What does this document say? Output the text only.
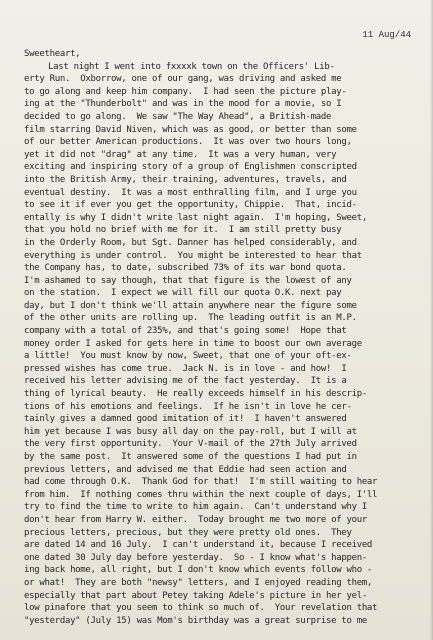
11 Aug/44
Sweetheart,
Last night I went into fxxxxk town on the Officers' Lib-
erty Run.  Oxborrow, one of our gang, was driving and asked me
to go along and keep him company.  I had seen the picture play-
ing at the "Thunderbolt" and was in the mood for a movie, so I
decided to go along.  We saw "The Way Ahead", a British-made
film starring David Niven, which was as good, or better than some
of our better American productions.  It was over two hours long,
yet it did not "drag" at any time.  It was a very human, very
exciting and inspiring story of a group of Englishmen conscripted
into the British Army, their training, adventures, travels, and
eventual destiny.  It was a most enthralling film, and I urge you
to see it if ever you get the opportunity, Chippie.  That, incid-
entally is why I didn't write last night again.  I'm hoping, Sweet,
that you hold no brief with me for it.  I am still pretty busy
in the Orderly Room, but Sgt. Danner has helped considerably, and
everything is under control.  You might be interested to hear that
the Company has, to date, subscribed 73% of its war bond quota.
I'm ashamed to say though, that that figure is the lowest of any
on the station.  I expect we will fill our quota O.K. next pay
day, but I don't think we'll attain anywhere near the figure some
of the other units are rolling up.  The leading outfit is an M.P.
company with a total of 235%, and that's going some!  Hope that
money order I asked for gets here in time to boost our own average
a little!  You must know by now, Sweet, that one of your oft-ex-
pressed wishes has come true.  Jack N. is in love - and how!  I
received his letter advising me of the fact yesterday.  It is a
thing of lyrical beauty.  He really exceeds himself in his descrip-
tions of his emotions and feelings.  If he isn't in love he cer-
tainly gives a damned good imitation of it!  I haven't answered
him yet because I was busy all day on the pay-roll, but I will at
the very first opportunity.  Your V-mail of the 27th July arrived
by the same post.  It answered some of the questions I had put in
previous letters, and advised me that Eddie had seen action and
had come through O.K.  Thank God for that!  I'm still waiting to hear
from him.  If nothing comes thru within the next couple of days, I'll
try to find the time to write to him again.  Can't understand why I
don't hear from Harry W. either.  Today brought me two more of your
precious letters, precious, but they were pretty old ones.  They
are dated 14 and 16 July.  I can't understand it, because I received
one dated 30 July day before yesterday.  So - I know what's happen-
ing back home, all right, but I don't know which events follow who -
or what!  They are both "newsy" letters, and I enjoyed reading them,
especially that part about Petey taking Adele's picture in her yel-
low pinafore that you seem to think so much of.  Your revelation that
"yesterday" (July 15) was Mom's birthday was a great surprise to me
